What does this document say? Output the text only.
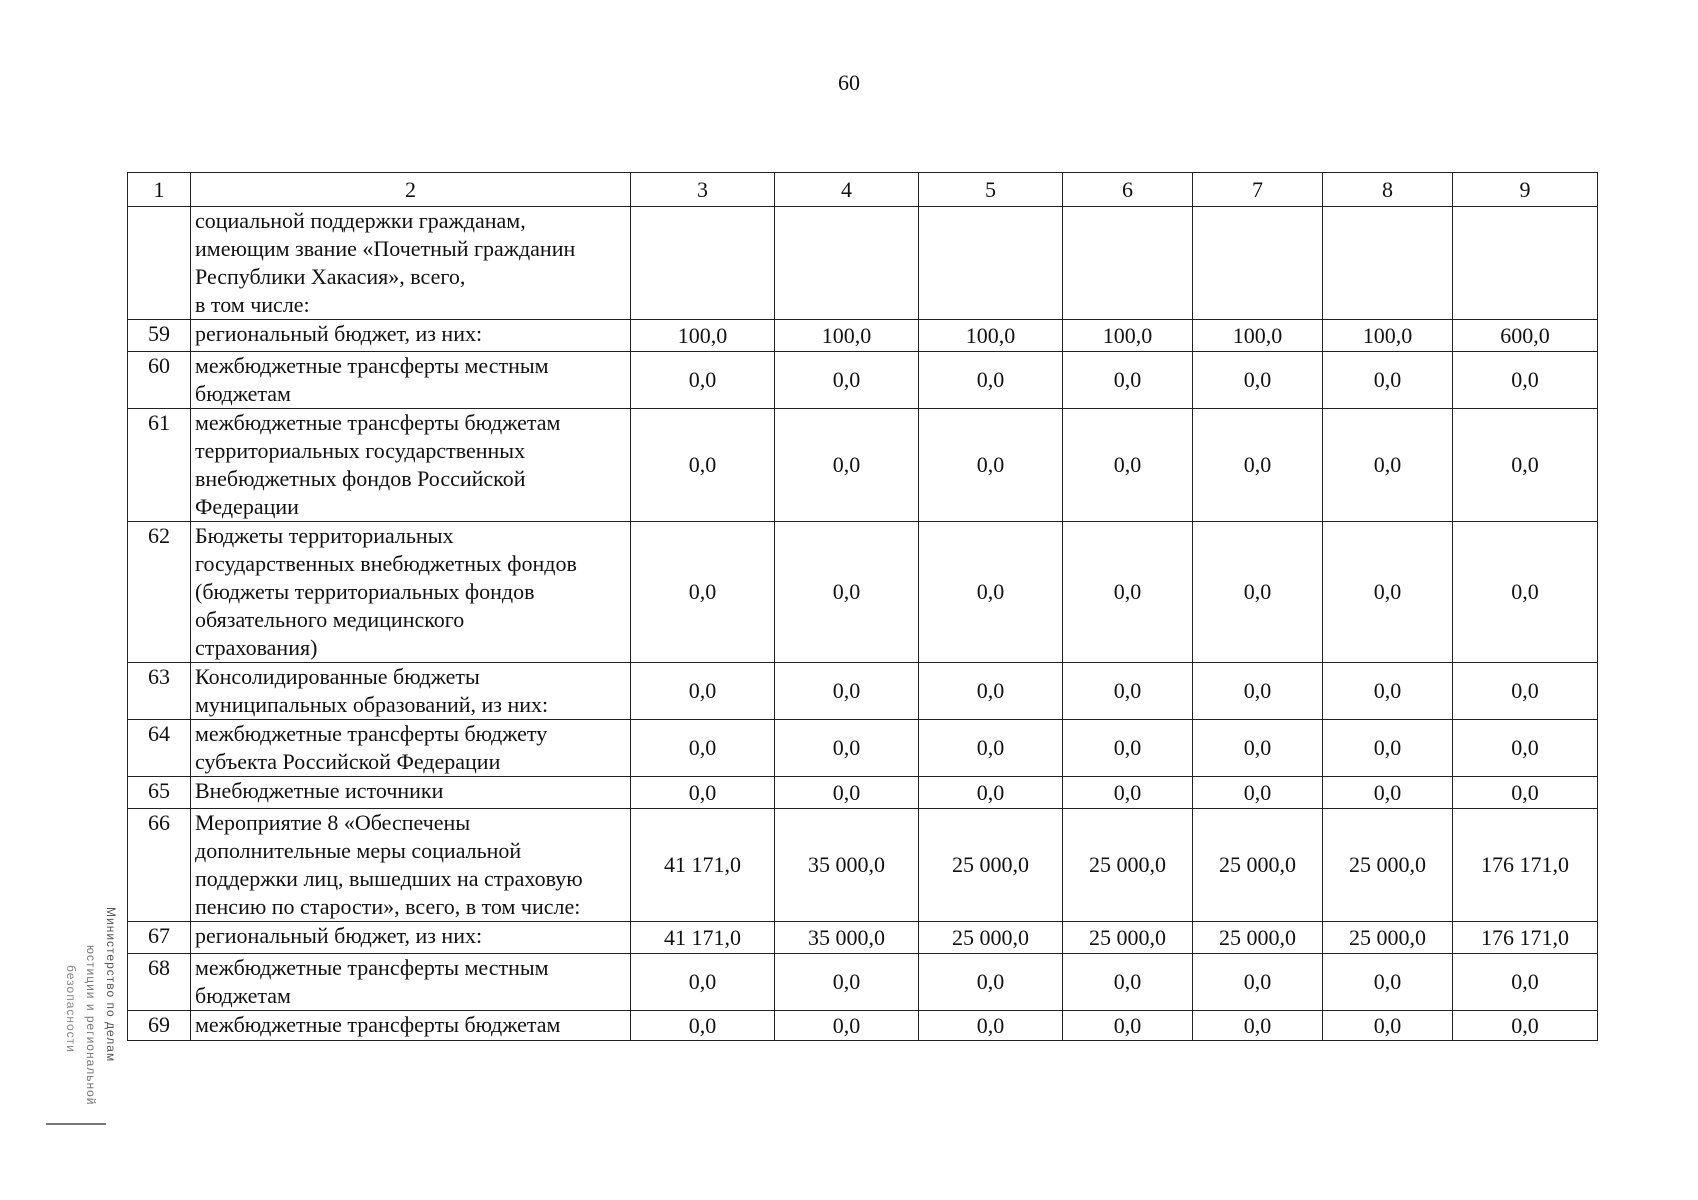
60
1	2	3	4	5	6	7	8	9

	социальной поддержки гражданам,
имеющим звание «Почетный гражданин
Республики Хакасия», всего,
в том числе:							

59	региональный бюджет, из них:	100,0	100,0	100,0	100,0	100,0	100,0	600,0
60	межбюджетные трансферты местным
бюджетам	0,0	0,0	0,0	0,0	0,0	0,0	0,0
61	межбюджетные трансферты бюджетам
территориальных государственных
внебюджетных фондов Российской
Федерации	0,0	0,0	0,0	0,0	0,0	0,0	0,0
62	Бюджеты территориальных
государственных внебюджетных фондов
(бюджеты территориальных фондов
обязательного медицинского
страхования)	0,0	0,0	0,0	0,0	0,0	0,0	0,0
63	Консолидированные бюджеты
муниципальных образований, из них:	0,0	0,0	0,0	0,0	0,0	0,0	0,0
64	межбюджетные трансферты бюджету
субъекта Российской Федерации	0,0	0,0	0,0	0,0	0,0	0,0	0,0
65	Внебюджетные источники	0,0	0,0	0,0	0,0	0,0	0,0	0,0
66	Мероприятие 8 «Обеспечены
дополнительные меры социальной
поддержки лиц, вышедших на страховую
пенсию по старости», всего, в том числе:	41 171,0	35 000,0	25 000,0	25 000,0	25 000,0	25 000,0	176 171,0
67	региональный бюджет, из них:	41 171,0	35 000,0	25 000,0	25 000,0	25 000,0	25 000,0	176 171,0
68	межбюджетные трансферты местным
бюджетам	0,0	0,0	0,0	0,0	0,0	0,0	0,0
69	межбюджетные трансферты бюджетам	0,0	0,0	0,0	0,0	0,0	0,0	0,0
Министерство по делам
юстиции и региональной
безопасности
